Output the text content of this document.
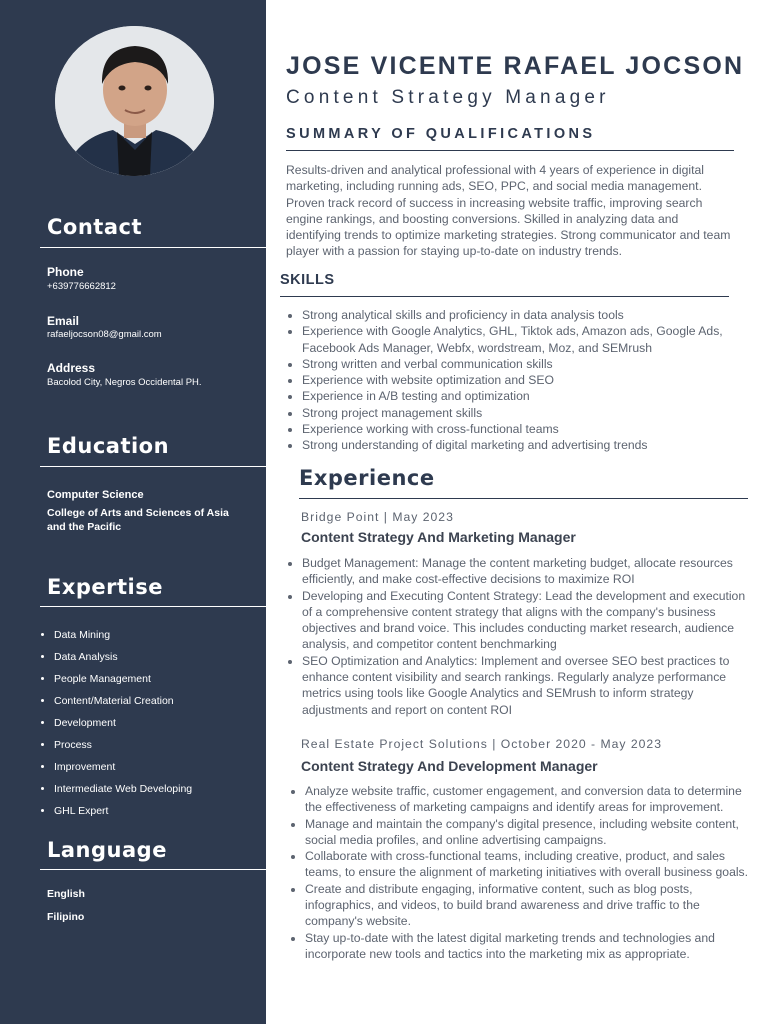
Contact
Phone
+639776662812
Email
rafaeljocson08@gmail.com
Address
Bacolod City, Negros Occidental PH.
Education
Computer Science
College of Arts and Sciences of Asia and the Pacific
Expertise
• Data Mining
• Data Analysis
• People Management
• Content/Material Creation
• Development
• Process
• Improvement
• Intermediate Web Developing
• GHL Expert
Language
English
Filipino
JOSE VICENTE RAFAEL JOCSON
Content Strategy Manager
SUMMARY OF QUALIFICATIONS

Results-driven and analytical professional with 4 years of experience in digital marketing, including running ads, SEO, PPC, and social media management. Proven track record of success in increasing website traffic, improving search engine rankings, and boosting conversions. Skilled in analyzing data and identifying trends to optimize marketing strategies. Strong communicator and team player with a passion for staying up-to-date on industry trends.

SKILLS
• Strong analytical skills and proficiency in data analysis tools
• Experience with Google Analytics, GHL, Tiktok ads, Amazon ads, Google Ads, Facebook Ads Manager, Webfx, wordstream, Moz, and SEMrush
• Strong written and verbal communication skills
• Experience with website optimization and SEO
• Experience in A/B testing and optimization
• Strong project management skills
• Experience working with cross-functional teams
• Strong understanding of digital marketing and advertising trends
Experience
Bridge Point | May 2023
Content Strategy And Marketing Manager
• Budget Management: Manage the content marketing budget, allocate resources efficiently, and make cost-effective decisions to maximize ROI
• Developing and Executing Content Strategy: Lead the development and execution of a comprehensive content strategy that aligns with the company's business objectives and brand voice. This includes conducting market research, audience analysis, and competitor content benchmarking
• SEO Optimization and Analytics: Implement and oversee SEO best practices to enhance content visibility and search rankings. Regularly analyze performance metrics using tools like Google Analytics and SEMrush to inform strategy adjustments and report on content ROI
Real Estate Project Solutions | October 2020 - May 2023
Content Strategy And Development Manager
• Analyze website traffic, customer engagement, and conversion data to determine the effectiveness of marketing campaigns and identify areas for improvement.
• Manage and maintain the company's digital presence, including website content, social media profiles, and online advertising campaigns.
• Collaborate with cross-functional teams, including creative, product, and sales teams, to ensure the alignment of marketing initiatives with overall business goals.
• Create and distribute engaging, informative content, such as blog posts, infographics, and videos, to build brand awareness and drive traffic to the company's website.
• Stay up-to-date with the latest digital marketing trends and technologies and incorporate new tools and tactics into the marketing mix as appropriate.
